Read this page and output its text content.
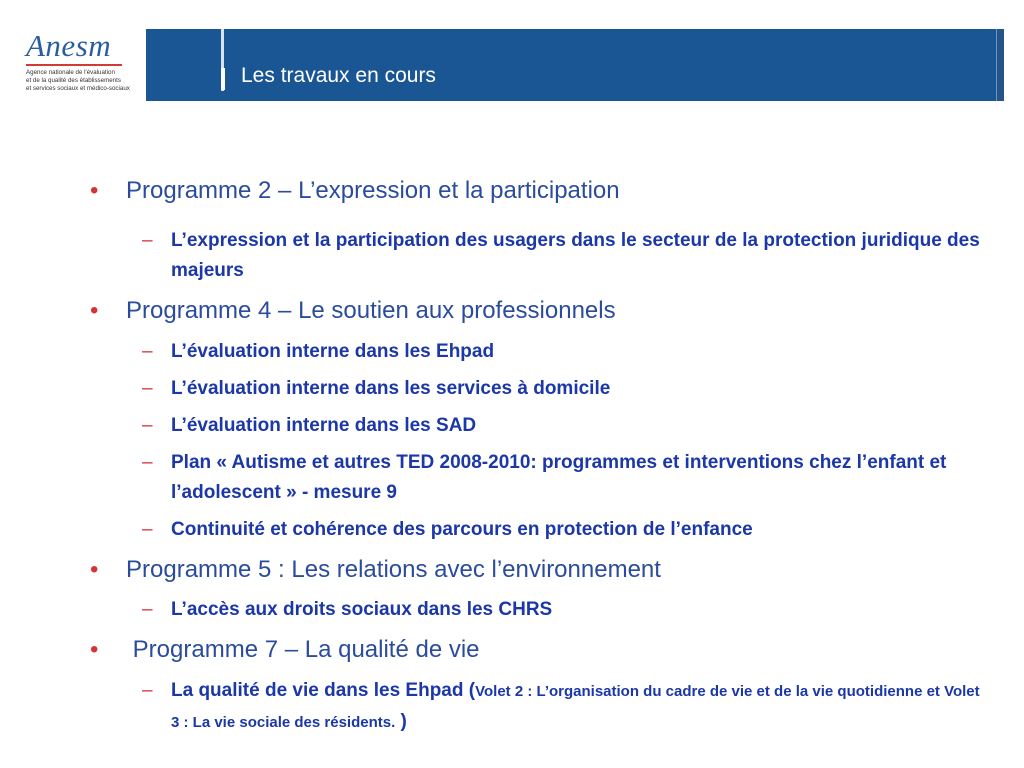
Anesm
Agence nationale de l'évaluation
et de la qualité des établissements
et services sociaux et médico-sociaux
Les travaux en cours
• Programme 2 – L’expression et la participation
– L’expression et la participation des usagers dans le secteur de la protection juridique des majeurs
• Programme 4 – Le soutien aux professionnels
– L’évaluation interne dans les Ehpad
– L’évaluation interne dans les services à domicile
– L’évaluation interne dans les SAD
– Plan « Autisme et autres TED 2008-2010: programmes et interventions chez l’enfant et l’adolescent » - mesure 9
– Continuité et cohérence des parcours en protection de l’enfance
• Programme 5 : Les relations avec l’environnement
– L’accès aux droits sociaux dans les CHRS
• Programme 7 – La qualité de vie
– La qualité de vie dans les Ehpad (Volet 2 : L’organisation du cadre de vie et de la vie quotidienne et Volet 3 : La vie sociale des résidents. )
